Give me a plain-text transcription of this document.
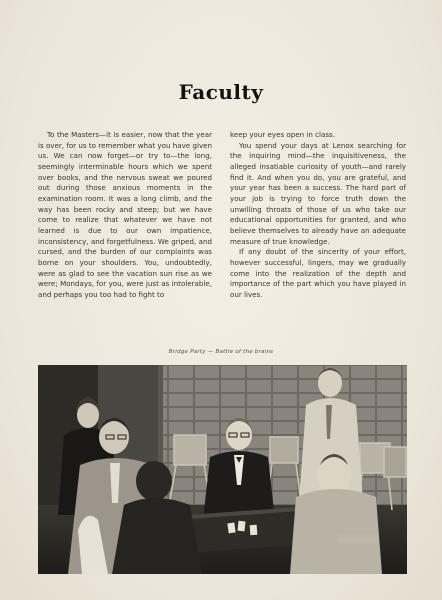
Faculty

To the Masters—it is easier, now that the year is over, for us to remember what you have given us. We can now forget—or try to—the long, seemingly interminable hours which we spent over books, and the nervous sweat we poured out during those anxious moments in the examination room. It was a long climb, and the way has been rocky and steep; but we have come to realize that whatever we have not learned is due to our own impatience, inconsistency, and forgetfulness. We griped, and cursed, and the burden of our complaints was borne on your shoulders. You, undoubtedly, were as glad to see the vacation sun rise as we were; Mondays, for you, were just as intolerable, and perhaps you too had to fight to

keep your eyes open in class.

You spend your days at Lenox searching for the inquiring mind—the inquisitiveness, the alleged insatiable curiosity of youth—and rarely find it. And when you do, you are grateful, and your year has been a success. The hard part of your job is trying to force truth down the unwilling throats of those of us who take our educational opportunities for granted, and who believe themselves to already have an adequate measure of true knowledge.

If any doubt of the sincerity of your effort, however successful, lingers, may we gradually come into the realization of the depth and importance of the part which you have played in our lives.

Bridge Party — Battle of the brains
